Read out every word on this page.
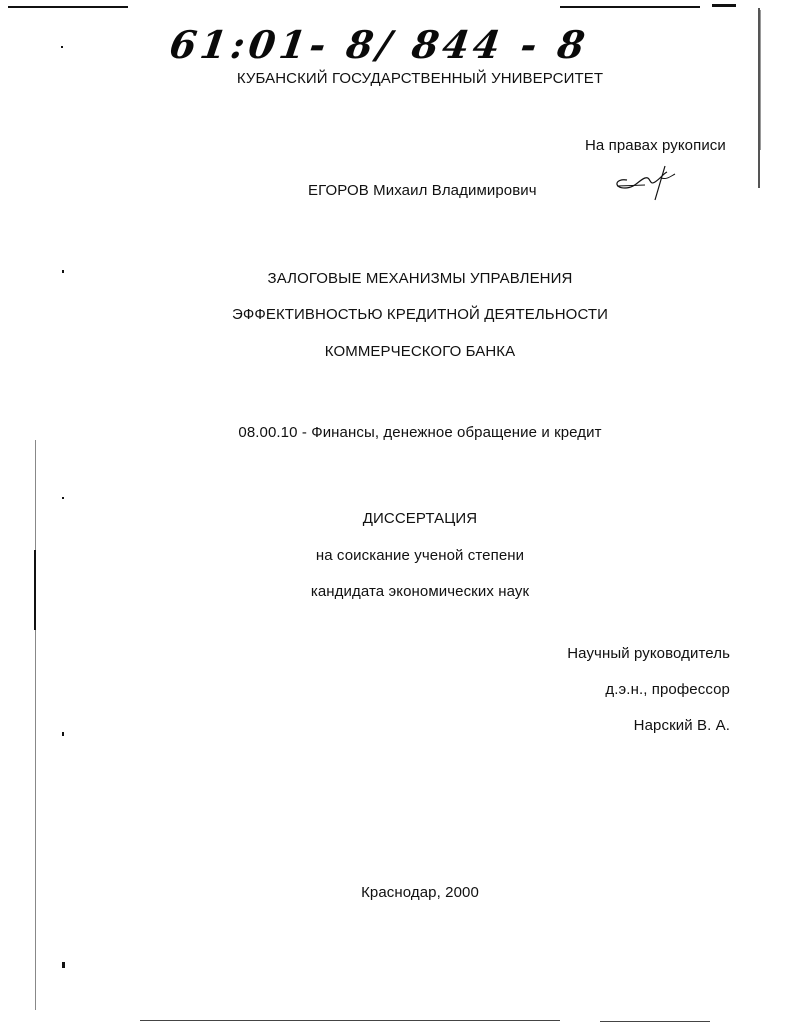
61:01- 8/ 844 - 8
КУБАНСКИЙ ГОСУДАРСТВЕННЫЙ УНИВЕРСИТЕТ
На правах рукописи
ЕГОРОВ Михаил Владимирович
ЗАЛОГОВЫЕ МЕХАНИЗМЫ УПРАВЛЕНИЯ
ЭФФЕКТИВНОСТЬЮ КРЕДИТНОЙ ДЕЯТЕЛЬНОСТИ
КОММЕРЧЕСКОГО БАНКА
08.00.10 - Финансы, денежное обращение и кредит
ДИССЕРТАЦИЯ
на соискание ученой степени
кандидата экономических наук
Научный руководитель
д.э.н., профессор
Нарский В. А.
Краснодар, 2000
